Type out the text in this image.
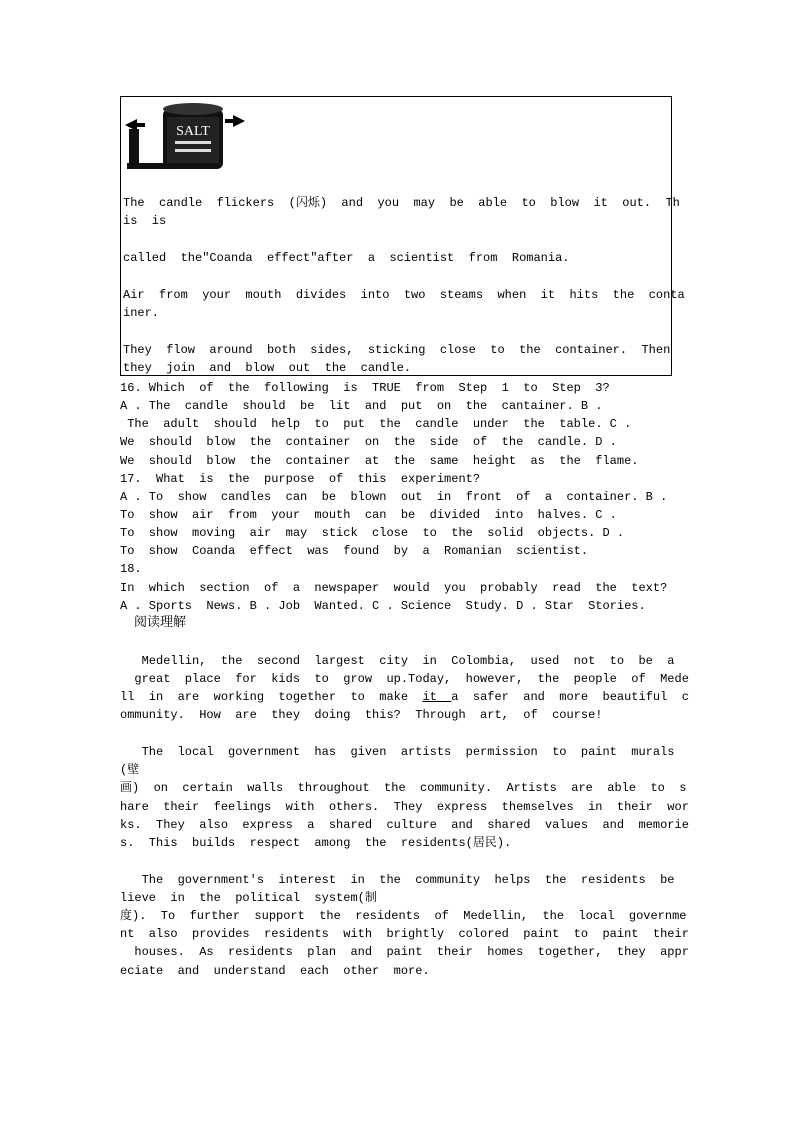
SALT
The  candle  flickers  (闪烁)  and  you  may  be  able  to  blow  it  out.  Th
is  is
called  the"Coanda  effect"after  a  scientist  from  Romania.
Air  from  your  mouth  divides  into  two  steams  when  it  hits  the  conta
iner.
They  flow  around  both  sides,  sticking  close  to  the  container.  Then
they  join  and  blow  out  the  candle.
16. Which  of  the  following  is  TRUE  from  Step  1  to  Step  3?
A . The  candle  should  be  lit  and  put  on  the  cantainer. B .
The  adult  should  help  to  put  the  candle  under  the  table. C .
We  should  blow  the  container  on  the  side  of  the  candle. D .
We  should  blow  the  container  at  the  same  height  as  the  flame.
17.  What  is  the  purpose  of  this  experiment?
A . To  show  candles  can  be  blown  out  in  front  of  a  container. B .
To  show  air  from  your  mouth  can  be  divided  into  halves. C .
To  show  moving  air  may  stick  close  to  the  solid  objects. D .
To  show  Coanda  effect  was  found  by  a  Romanian  scientist.
18.
In  which  section  of  a  newspaper  would  you  probably  read  the  text?
A . Sports  News. B . Job  Wanted. C . Science  Study. D . Star  Stories.
阅读理解
Medellin,  the  second  largest  city  in  Colombia,  used  not  to  be  a
great  place  for  kids  to  grow  up.Today,  however,  the  people  of  Mede
ll  in  are  working  together  to  make  it  a  safer  and  more  beautiful  c
ommunity.  How  are  they  doing  this?  Through  art,  of  course!
The  local  government  has  given  artists  permission  to  paint  murals
(壁
画)  on  certain  walls  throughout  the  community.  Artists  are  able  to  s
hare  their  feelings  with  others.  They  express  themselves  in  their  wor
ks.  They  also  express  a  shared  culture  and  shared  values  and  memorie
s.  This  builds  respect  among  the  residents(居民).
The  government's  interest  in  the  community  helps  the  residents  be
lieve  in  the  political  system(制
度).  To  further  support  the  residents  of  Medellin,  the  local  governme
nt  also  provides  residents  with  brightly  colored  paint  to  paint  their
houses.  As  residents  plan  and  paint  their  homes  together,  they  appr
eciate  and  understand  each  other  more.
